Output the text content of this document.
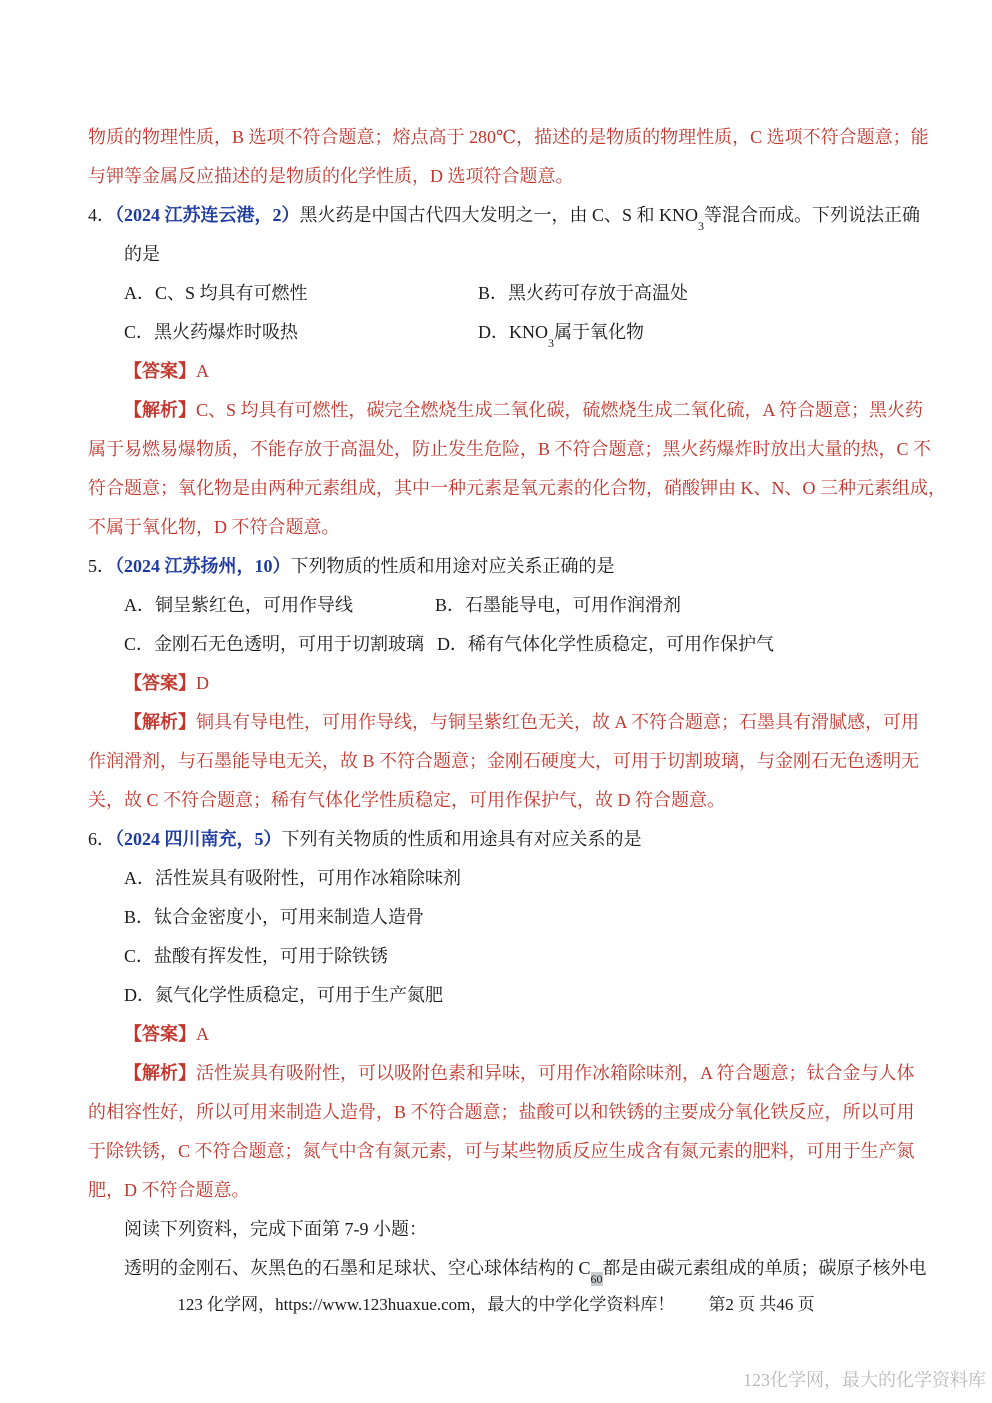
物质的物理性质，B 选项不符合题意；熔点高于 280℃，描述的是物质的物理性质，C 选项不符合题意；能
与钾等金属反应描述的是物质的化学性质，D 选项符合题意。
4．（2024 江苏连云港，2）黑火药是中国古代四大发明之一，由 C、S 和 $KNO_3$等混合而成。下列说法正确
的是
A．C、S 均具有可燃性	B．黑火药可存放于高温处
C．黑火药爆炸时吸热	D．$KNO_3$属于氧化物
【答案】A
【解析】C、S 均具有可燃性，碳完全燃烧生成二氧化碳，硫燃烧生成二氧化硫，A 符合题意；黑火药
属于易燃易爆物质，不能存放于高温处，防止发生危险，B 不符合题意；黑火药爆炸时放出大量的热，C 不
符合题意；氧化物是由两种元素组成，其中一种元素是氧元素的化合物，硝酸钾由 K、N、O 三种元素组成，
不属于氧化物，D 不符合题意。
5．（2024 江苏扬州，10）下列物质的性质和用途对应关系正确的是
A．铜呈紫红色，可用作导线	B．石墨能导电，可用作润滑剂
C．金刚石无色透明，可用于切割玻璃 D．稀有气体化学性质稳定，可用作保护气
【答案】D
【解析】铜具有导电性，可用作导线，与铜呈紫红色无关，故 A 不符合题意；石墨具有滑腻感，可用
作润滑剂，与石墨能导电无关，故 B 不符合题意；金刚石硬度大，可用于切割玻璃，与金刚石无色透明无
关，故 C 不符合题意；稀有气体化学性质稳定，可用作保护气，故 D 符合题意。
6．（2024 四川南充，5）下列有关物质的性质和用途具有对应关系的是
A．活性炭具有吸附性，可用作冰箱除味剂
B．钛合金密度小，可用来制造人造骨
C．盐酸有挥发性，可用于除铁锈
D．氮气化学性质稳定，可用于生产氮肥
【答案】A
【解析】活性炭具有吸附性，可以吸附色素和异味，可用作冰箱除味剂，A 符合题意；钛合金与人体
的相容性好，所以可用来制造人造骨，B 不符合题意；盐酸可以和铁锈的主要成分氧化铁反应，所以可用
于除铁锈，C 不符合题意；氮气中含有氮元素，可与某些物质反应生成含有氮元素的肥料，可用于生产氮
肥，D 不符合题意。
阅读下列资料，完成下面第 7-9 小题：
透明的金刚石、灰黑色的石墨和足球状、空心球体结构的 $C_{60}$都是由碳元素组成的单质；碳原子核外电
123 化学网，https://www.123huaxue.com，最大的中学化学资料库！ 第2 页 共46 页
123化学网，最大的化学资料库
